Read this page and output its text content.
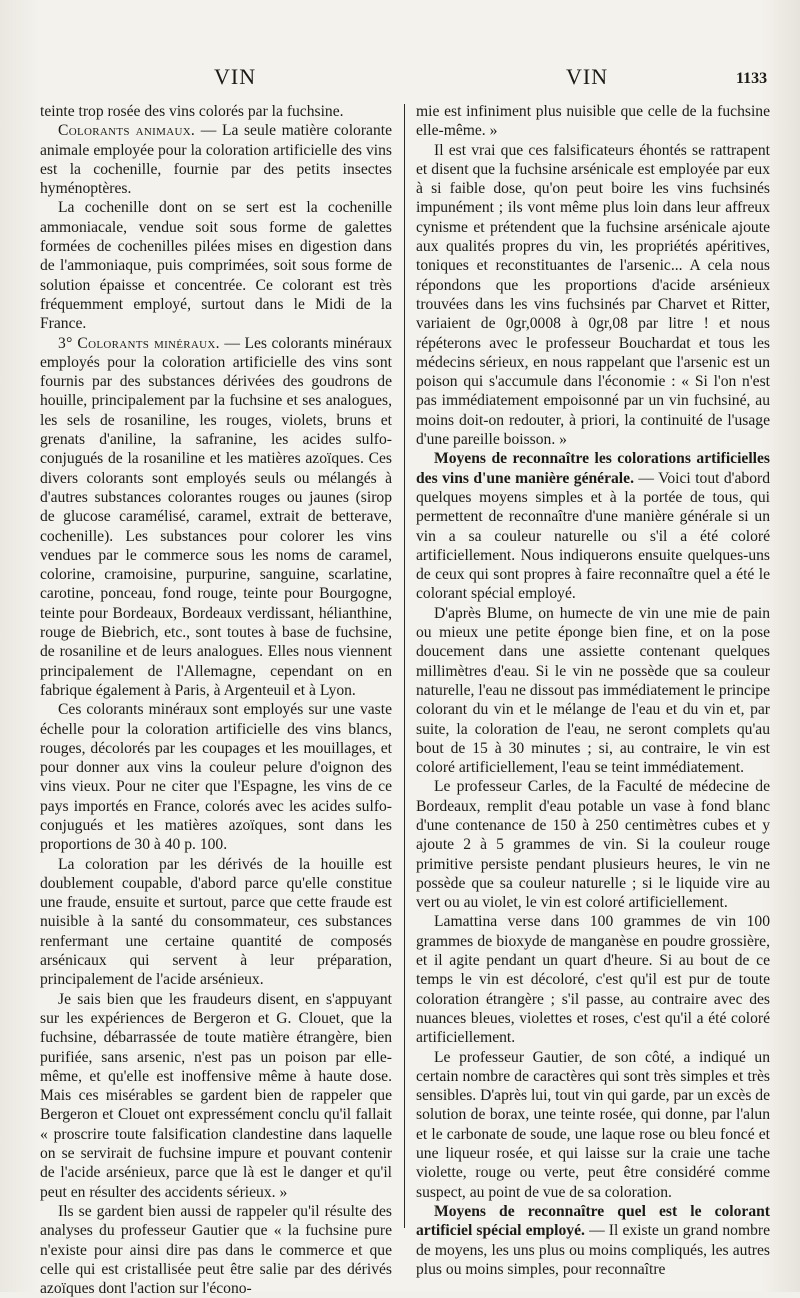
VIN	VIN	1133

teinte trop rosée des vins colorés par la fuchsine.

Colorants animaux. — La seule matière colorante animale employée pour la coloration artificielle des vins est la cochenille, fournie par des petits insectes hyménoptères.

La cochenille dont on se sert est la cochenille ammoniacale, vendue soit sous forme de galettes formées de cochenilles pilées mises en digestion dans de l'ammoniaque, puis comprimées, soit sous forme de solution épaisse et concentrée. Ce colorant est très fréquemment employé, surtout dans le Midi de la France.

3° Colorants minéraux. — Les colorants minéraux employés pour la coloration artificielle des vins sont fournis par des substances dérivées des goudrons de houille, principalement par la fuchsine et ses analogues, les sels de rosaniline, les rouges, violets, bruns et grenats d'aniline, la safranine, les acides sulfo-conjugués de la rosaniline et les matières azoïques. Ces divers colorants sont employés seuls ou mélangés à d'autres substances colorantes rouges ou jaunes (sirop de glucose caramélisé, caramel, extrait de betterave, cochenille). Les substances pour colorer les vins vendues par le commerce sous les noms de caramel, colorine, cramoisine, purpurine, sanguine, scarlatine, carotine, ponceau, fond rouge, teinte pour Bourgogne, teinte pour Bordeaux, Bordeaux verdissant, hélianthine, rouge de Biebrich, etc., sont toutes à base de fuchsine, de rosaniline et de leurs analogues. Elles nous viennent principalement de l'Allemagne, cependant on en fabrique également à Paris, à Argenteuil et à Lyon.

Ces colorants minéraux sont employés sur une vaste échelle pour la coloration artificielle des vins blancs, rouges, décolorés par les coupages et les mouillages, et pour donner aux vins la couleur pelure d'oignon des vins vieux. Pour ne citer que l'Espagne, les vins de ce pays importés en France, colorés avec les acides sulfo-conjugués et les matières azoïques, sont dans les proportions de 30 à 40 p. 100.

La coloration par les dérivés de la houille est doublement coupable, d'abord parce qu'elle constitue une fraude, ensuite et surtout, parce que cette fraude est nuisible à la santé du consommateur, ces substances renfermant une certaine quantité de composés arsénicaux qui servent à leur préparation, principalement de l'acide arsénieux.

Je sais bien que les fraudeurs disent, en s'appuyant sur les expériences de Bergeron et G. Clouet, que la fuchsine, débarrassée de toute matière étrangère, bien purifiée, sans arsenic, n'est pas un poison par elle-même, et qu'elle est inoffensive même à haute dose. Mais ces misérables se gardent bien de rappeler que Bergeron et Clouet ont expressément conclu qu'il fallait « proscrire toute falsification clandestine dans laquelle on se servirait de fuchsine impure et pouvant contenir de l'acide arsénieux, parce que là est le danger et qu'il peut en résulter des accidents sérieux. »

Ils se gardent bien aussi de rappeler qu'il résulte des analyses du professeur Gautier que « la fuchsine pure n'existe pour ainsi dire pas dans le commerce et que celle qui est cristallisée peut être salie par des dérivés azoïques dont l'action sur l'écono-

mie est infiniment plus nuisible que celle de la fuchsine elle-même. »

Il est vrai que ces falsificateurs éhontés se rattrapent et disent que la fuchsine arsénicale est employée par eux à si faible dose, qu'on peut boire les vins fuchsinés impunément ; ils vont même plus loin dans leur affreux cynisme et prétendent que la fuchsine arsénicale ajoute aux qualités propres du vin, les propriétés apéritives, toniques et reconstituantes de l'arsenic... A cela nous répondons que les proportions d'acide arsénieux trouvées dans les vins fuchsinés par Charvet et Ritter, variaient de 0gr,0008 à 0gr,08 par litre ! et nous répéterons avec le professeur Bouchardat et tous les médecins sérieux, en nous rappelant que l'arsenic est un poison qui s'accumule dans l'économie : « Si l'on n'est pas immédiatement empoisonné par un vin fuchsiné, au moins doit-on redouter, à priori, la continuité de l'usage d'une pareille boisson. »

Moyens de reconnaître les colorations artificielles des vins d'une manière générale. — Voici tout d'abord quelques moyens simples et à la portée de tous, qui permettent de reconnaître d'une manière générale si un vin a sa couleur naturelle ou s'il a été coloré artificiellement. Nous indiquerons ensuite quelques-uns de ceux qui sont propres à faire reconnaître quel a été le colorant spécial employé.

D'après Blume, on humecte de vin une mie de pain ou mieux une petite éponge bien fine, et on la pose doucement dans une assiette contenant quelques millimètres d'eau. Si le vin ne possède que sa couleur naturelle, l'eau ne dissout pas immédiatement le principe colorant du vin et le mélange de l'eau et du vin et, par suite, la coloration de l'eau, ne seront complets qu'au bout de 15 à 30 minutes ; si, au contraire, le vin est coloré artificiellement, l'eau se teint immédiatement.

Le professeur Carles, de la Faculté de médecine de Bordeaux, remplit d'eau potable un vase à fond blanc d'une contenance de 150 à 250 centimètres cubes et y ajoute 2 à 5 grammes de vin. Si la couleur rouge primitive persiste pendant plusieurs heures, le vin ne possède que sa couleur naturelle ; si le liquide vire au vert ou au violet, le vin est coloré artificiellement.

Lamattina verse dans 100 grammes de vin 100 grammes de bioxyde de manganèse en poudre grossière, et il agite pendant un quart d'heure. Si au bout de ce temps le vin est décoloré, c'est qu'il est pur de toute coloration étrangère ; s'il passe, au contraire avec des nuances bleues, violettes et roses, c'est qu'il a été coloré artificiellement.

Le professeur Gautier, de son côté, a indiqué un certain nombre de caractères qui sont très simples et très sensibles. D'après lui, tout vin qui garde, par un excès de solution de borax, une teinte rosée, qui donne, par l'alun et le carbonate de soude, une laque rose ou bleu foncé et une liqueur rosée, et qui laisse sur la craie une tache violette, rouge ou verte, peut être considéré comme suspect, au point de vue de sa coloration.

Moyens de reconnaître quel est le colorant artificiel spécial employé. — Il existe un grand nombre de moyens, les uns plus ou moins compliqués, les autres plus ou moins simples, pour reconnaître
